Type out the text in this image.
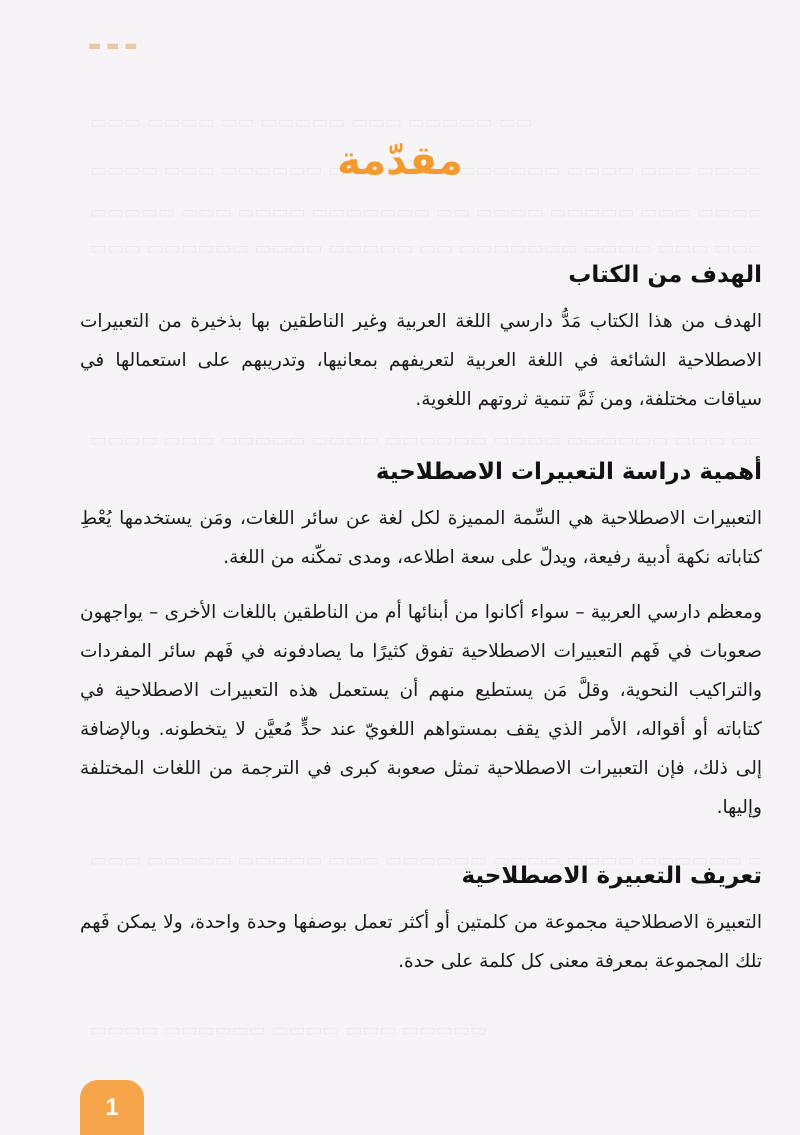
▬ ▬ ▬
مقدّمة
الهدف من الكتاب

الهدف من هذا الكتاب مَدُّ دارسي اللغة العربية وغير الناطقين بها بذخيرة من التعبيرات الاصطلاحية الشائعة في اللغة العربية لتعريفهم بمعانيها، وتدريبهم على استعمالها في سياقات مختلفة، ومن ثَمَّ تنمية ثروتهم اللغوية.

أهمية دراسة التعبيرات الاصطلاحية

التعبيرات الاصطلاحية هي السِّمة المميزة لكل لغة عن سائر اللغات، ومَن يستخدمها يُعْطِ كتاباته نكهة أدبية رفيعة، ويدلّ على سعة اطلاعه، ومدى تمكّنه من اللغة.

ومعظم دارسي العربية – سواء أكانوا من أبنائها أم من الناطقين باللغات الأخرى – يواجهون صعوبات في فَهم التعبيرات الاصطلاحية تفوق كثيرًا ما يصادفونه في فَهم سائر المفردات والتراكيب النحوية، وقلَّ مَن يستطيع منهم أن يستعمل هذه التعبيرات الاصطلاحية في كتاباته أو أقواله، الأمر الذي يقف بمستواهم اللغويّ عند حدٍّ مُعيَّن لا يتخطونه. وبالإضافة إلى ذلك، فإن التعبيرات الاصطلاحية تمثل صعوبة كبرى في الترجمة من اللغات المختلفة وإليها.

تعريف التعبيرة الاصطلاحية

التعبيرة الاصطلاحية مجموعة من كلمتين أو أكثر تعمل بوصفها وحدة واحدة، ولا يمكن فَهم تلك المجموعة بمعرفة معنى كل كلمة على حدة.

1
